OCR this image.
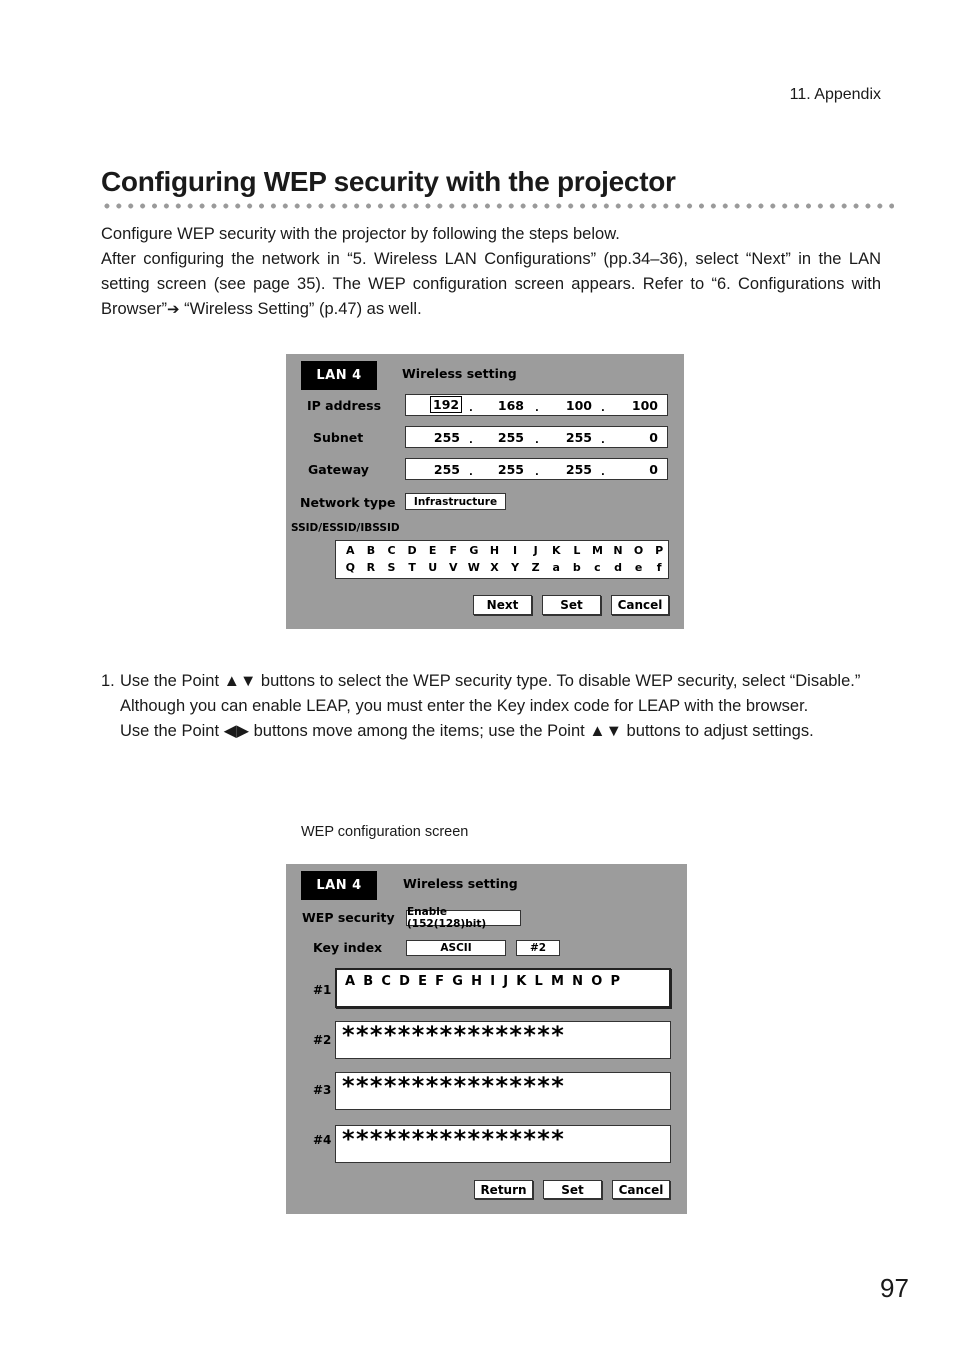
11. Appendix
Configuring WEP security with the projector

Configure WEP security with the projector by following the steps below.

After configuring the network in “5. Wireless LAN Configurations” (pp.34–36), select “Next” in the LAN setting screen (see page 35). The WEP configuration screen appears. Refer to “6. Configurations with Browser”➔ “Wireless Setting” (p.47) as well.

LAN 4	Wireless setting
IP address	192 .	168 .	100 .	100
Subnet	255 .	255 .	255 .	0
Gateway	255 .	255 .	255 .	0
Network type	Infrastructure
SSID/ESSID/IBSSID
A	B	C	D	E	F	G	H	I	J	K	L	M N	O	P
Q	R	S	T	U	V W X	Y	Z	a	b	c	d	e	f
Next	Set	Cancel
1. Use the Point ▲▼ buttons to select the WEP security type. To disable WEP security, select “Disable.”

Although you can enable LEAP, you must enter the Key index code for LEAP with the browser.

Use the Point ◀▶ buttons move among the items; use the Point ▲▼ buttons to adjust settings.

WEP configuration screen
LAN 4	Wireless setting
WEP security Enable (152(128)bit)
Key index	ASCII	#2
#1
ABCDEFGHIJKLMNOP
#2 ****************
#3 ****************
#4 ****************
Return	Set	Cancel
97
